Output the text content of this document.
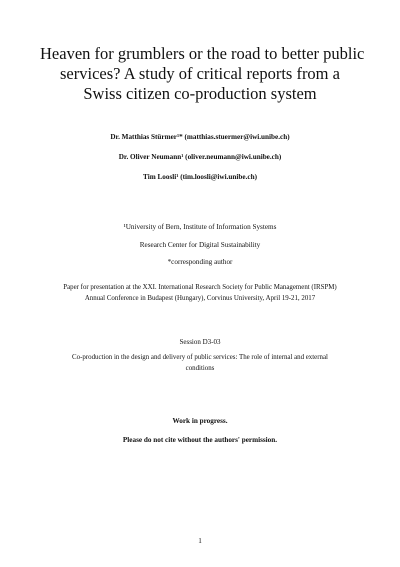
Heaven for grumblers or the road to better public
services? A study of critical reports from a
Swiss citizen co-production system
Dr. Matthias Stürmer¹* (matthias.stuermer@iwi.unibe.ch)
Dr. Oliver Neumann¹ (oliver.neumann@iwi.unibe.ch)
Tim Loosli¹ (tim.loosli@iwi.unibe.ch)
¹University of Bern, Institute of Information Systems
Research Center for Digital Sustainability
*corresponding author
Paper for presentation at the XXI. International Research Society for Public Management (IRSPM)
Annual Conference in Budapest (Hungary), Corvinus University, April 19-21, 2017
Session D3-03
Co-production in the design and delivery of public services: The role of internal and external
conditions
Work in progress.
Please do not cite without the authors' permission.
1
